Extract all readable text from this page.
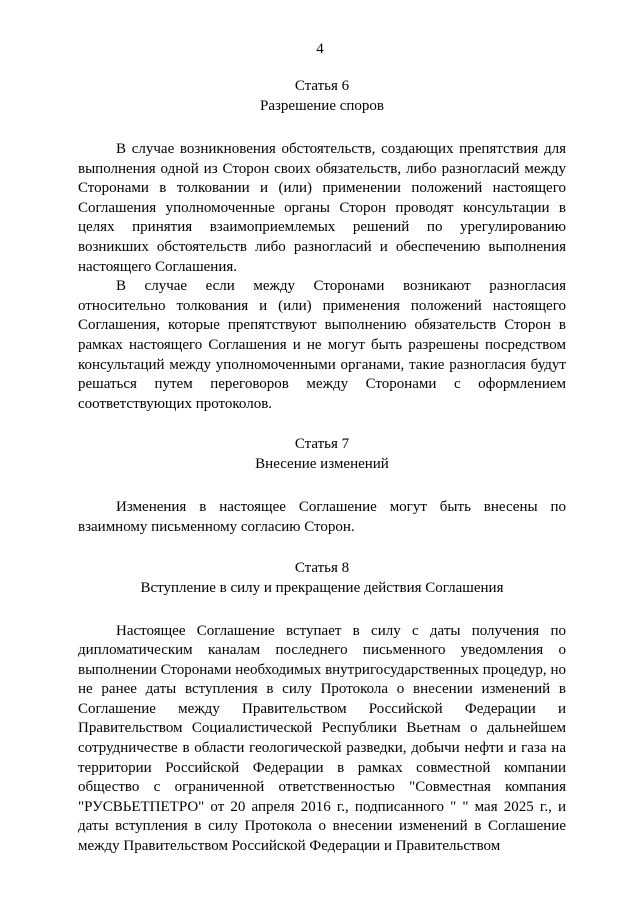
4

Статья 6

Разрешение споров

В случае возникновения обстоятельств, создающих препятствия для выполнения одной из Сторон своих обязательств, либо разногласий между Сторонами в толковании и (или) применении положений настоящего Соглашения уполномоченные органы Сторон проводят консультации в целях принятия взаимоприемлемых решений по урегулированию возникших обстоятельств либо разногласий и обеспечению выполнения настоящего Соглашения.

В случае если между Сторонами возникают разногласия относительно толкования и (или) применения положений настоящего Соглашения, которые препятствуют выполнению обязательств Сторон в рамках настоящего Соглашения и не могут быть разрешены посредством консультаций между уполномоченными органами, такие разногласия будут решаться путем переговоров между Сторонами с оформлением соответствующих протоколов.

Статья 7

Внесение изменений

Изменения в настоящее Соглашение могут быть внесены по взаимному письменному согласию Сторон.

Статья 8

Вступление в силу и прекращение действия Соглашения

Настоящее Соглашение вступает в силу с даты получения по дипломатическим каналам последнего письменного уведомления о выполнении Сторонами необходимых внутригосударственных процедур, но не ранее даты вступления в силу Протокола о внесении изменений в Соглашение между Правительством Российской Федерации и Правительством Социалистической Республики Вьетнам о дальнейшем сотрудничестве в области геологической разведки, добычи нефти и газа на территории Российской Федерации в рамках совместной компании общество с ограниченной ответственностью "Совместная компания "РУСВЬЕТПЕТРО" от 20 апреля 2016 г., подписанного " " мая 2025 г., и даты вступления в силу Протокола о внесении изменений в Соглашение между Правительством Российской Федерации и Правительством
